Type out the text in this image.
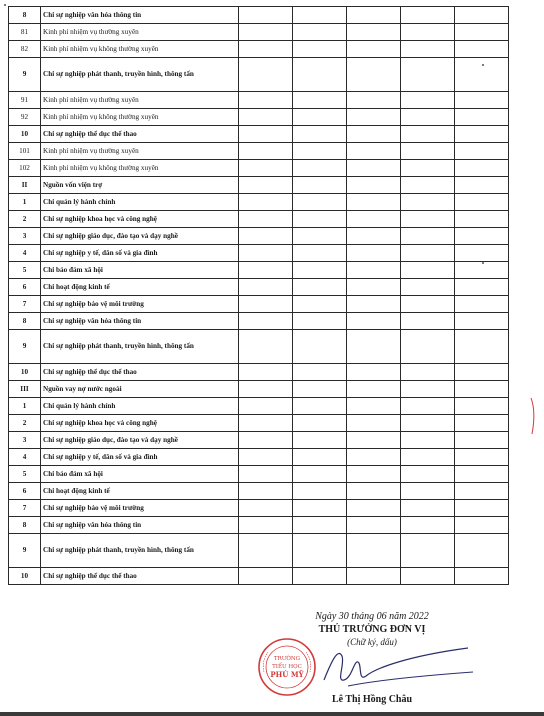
8	Chi sự nghiệp văn hóa thông tin					
81	Kinh phí nhiệm vụ thường xuyên					
82	Kinh phí nhiệm vụ không thường xuyên					
9	Chi sự nghiệp phát thanh, truyền hình, thông tấn					
91	Kinh phí nhiệm vụ thường xuyên					
92	Kinh phí nhiệm vụ không thường xuyên					
10	Chi sự nghiệp thể dục thể thao					
101	Kinh phí nhiệm vụ thường xuyên					
102	Kinh phí nhiệm vụ không thường xuyên					
II	Nguồn vốn viện trợ					
1	Chi quản lý hành chính					
2	Chi sự nghiệp khoa học và công nghệ					
3	Chi sự nghiệp giáo dục, đào tạo và dạy nghề					
4	Chi sự nghiệp y tế, dân số và gia đình					
5	Chi bảo đảm xã hội					
6	Chi hoạt động kinh tế					
7	Chi sự nghiệp bảo vệ môi trường					
8	Chi sự nghiệp văn hóa thông tin					
9	Chi sự nghiệp phát thanh, truyền hình, thông tấn					
10	Chi sự nghiệp thể dục thể thao					
III	Nguồn vay nợ nước ngoài					
1	Chi quản lý hành chính					
2	Chi sự nghiệp khoa học và công nghệ					
3	Chi sự nghiệp giáo dục, đào tạo và dạy nghề					
4	Chi sự nghiệp y tế, dân số và gia đình					
5	Chi bảo đảm xã hội					
6	Chi hoạt động kinh tế					
7	Chi sự nghiệp bảo vệ môi trường					
8	Chi sự nghiệp văn hóa thông tin					
9	Chi sự nghiệp phát thanh, truyền hình, thông tấn					
10	Chi sự nghiệp thể dục thể thao					
TRƯỜNG
TIỂU HỌC
PHÚ MỸ
Ngày 30 tháng 06 năm 2022
THỦ TRƯỞNG ĐƠN VỊ
(Chữ ký, dấu)
Lê Thị Hồng Châu
